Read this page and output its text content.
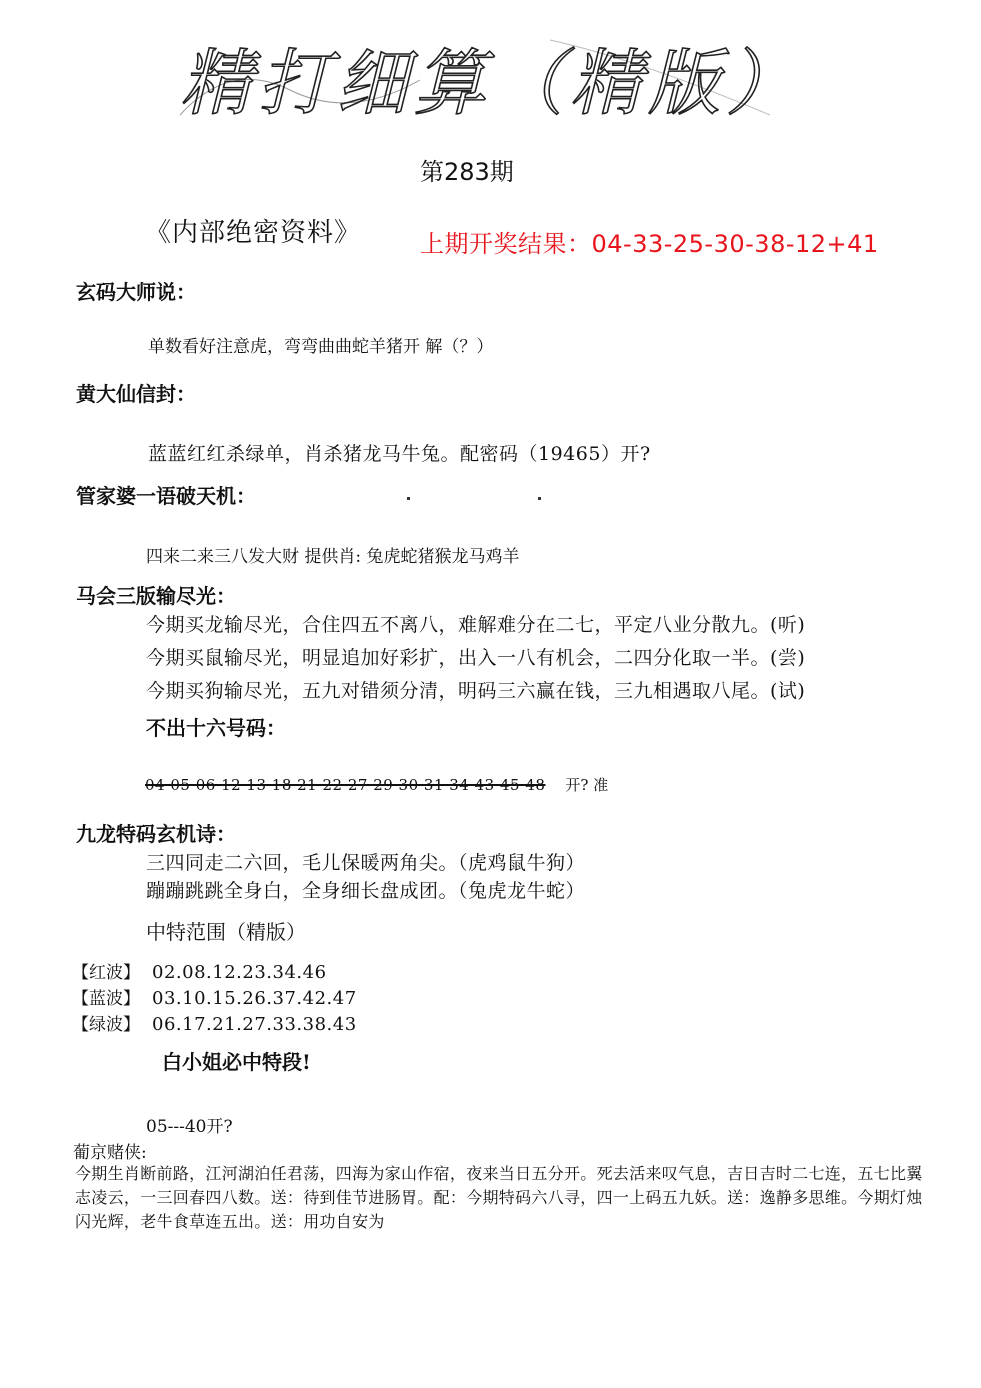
精打细算（精版）
第283期
《内部绝密资料》 上期开奖结果：04-33-25-30-38-12+41
玄码大师说：
单数看好注意虎，弯弯曲曲蛇羊猪开 解（？）
黄大仙信封：
蓝蓝红红杀绿单，肖杀猪龙马牛兔。配密码（19465）开?
管家婆一语破天机：
四来二来三八发大财 提供肖: 兔虎蛇猪猴龙马鸡羊
马会三版输尽光：
今期买龙输尽光，合住四五不离八，难解难分在二七，平定八业分散九。(听)
今期买鼠输尽光，明显追加好彩扩，出入一八有机会，二四分化取一半。(尝)
今期买狗输尽光，五九对错须分清，明码三六赢在钱，三九相遇取八尾。(试)
不出十六号码：
04 05 06 12 13 18 21 22 27 29 30 31 34 43 45 48 开? 准
九龙特码玄机诗：
三四同走二六回，毛儿保暖两角尖。（虎鸡鼠牛狗）
蹦蹦跳跳全身白，全身细长盘成团。（兔虎龙牛蛇）
中特范围（精版）
【红波】 02.08.12.23.34.46
【蓝波】 03.10.15.26.37.42.47
【绿波】 06.17.21.27.33.38.43
白小姐必中特段!
05---40开?
葡京赌侠:
今期生肖断前路，江河湖泊任君荡，四海为家山作宿，夜来当日五分开。死去活来叹气息，吉日吉时二七连，五七比翼志凌云，一三回春四八数。送：待到佳节进肠胃。配：今期特码六八寻，四一上码五九妖。送：逸静多思维。今期灯烛闪光辉，老牛食草连五出。送：用功自安为
